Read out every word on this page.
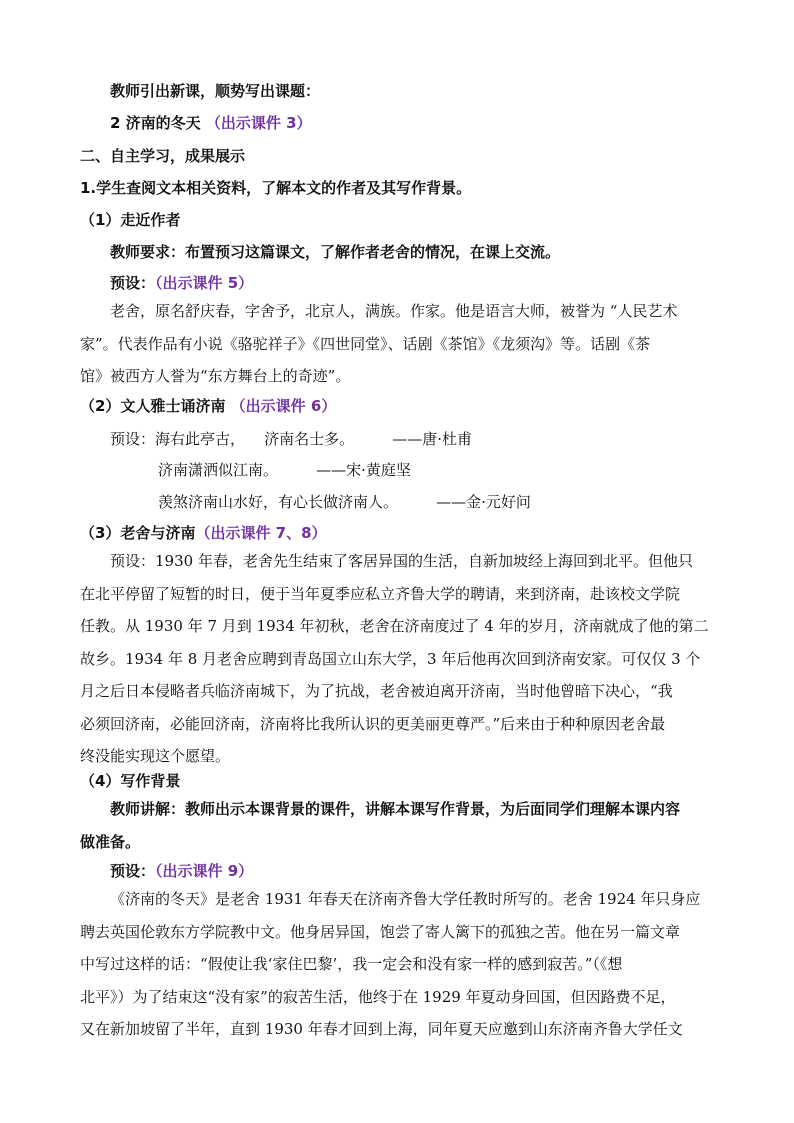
教师引出新课，顺势写出课题：
2 济南的冬天 （出示课件 3）
二、自主学习，成果展示
1.学生查阅文本相关资料，了解本文的作者及其写作背景。
（1）走近作者
教师要求：布置预习这篇课文，了解作者老舍的情况，在课上交流。
预设：（出示课件 5）
老舍，原名舒庆春，字舍予，北京人，满族。作家。他是语言大师，被誉为 “人民艺术
家”。代表作品有小说《骆驼祥子》《四世同堂》、话剧《茶馆》《龙须沟》等。话剧《茶
馆》被西方人誉为“东方舞台上的奇迹”。
（2）文人雅士诵济南 （出示课件 6）
预设：海右此亭古，    济南名士多。        ——唐·杜甫
济南潇洒似江南。        ——宋·黄庭坚
羡煞济南山水好，有心长做济南人。        ——金·元好问
（3）老舍与济南（出示课件 7、8）
预设：1930 年春，老舍先生结束了客居异国的生活，自新加坡经上海回到北平。但他只
在北平停留了短暂的时日，便于当年夏季应私立齐鲁大学的聘请，来到济南，赴该校文学院
任教。从 1930 年 7 月到 1934 年初秋，老舍在济南度过了 4 年的岁月，济南就成了他的第二
故乡。1934 年 8 月老舍应聘到青岛国立山东大学，3 年后他再次回到济南安家。可仅仅 3 个
月之后日本侵略者兵临济南城下，为了抗战，老舍被迫离开济南，当时他曾暗下决心，“我
必须回济南，必能回济南，济南将比我所认识的更美丽更尊严。”后来由于种种原因老舍最
终没能实现这个愿望。
（4）写作背景
教师讲解：教师出示本课背景的课件，讲解本课写作背景，为后面同学们理解本课内容
做准备。
预设：（出示课件 9）
《济南的冬天》是老舍 1931 年春天在济南齐鲁大学任教时所写的。老舍 1924 年只身应
聘去英国伦敦东方学院教中文。他身居异国，饱尝了寄人篱下的孤独之苦。他在另一篇文章
中写过这样的话：“假使让我‘家住巴黎’，我一定会和没有家一样的感到寂苦。”（《想
北平》）为了结束这“没有家”的寂苦生活，他终于在 1929 年夏动身回国，但因路费不足，
又在新加坡留了半年，直到 1930 年春才回到上海，同年夏天应邀到山东济南齐鲁大学任文
